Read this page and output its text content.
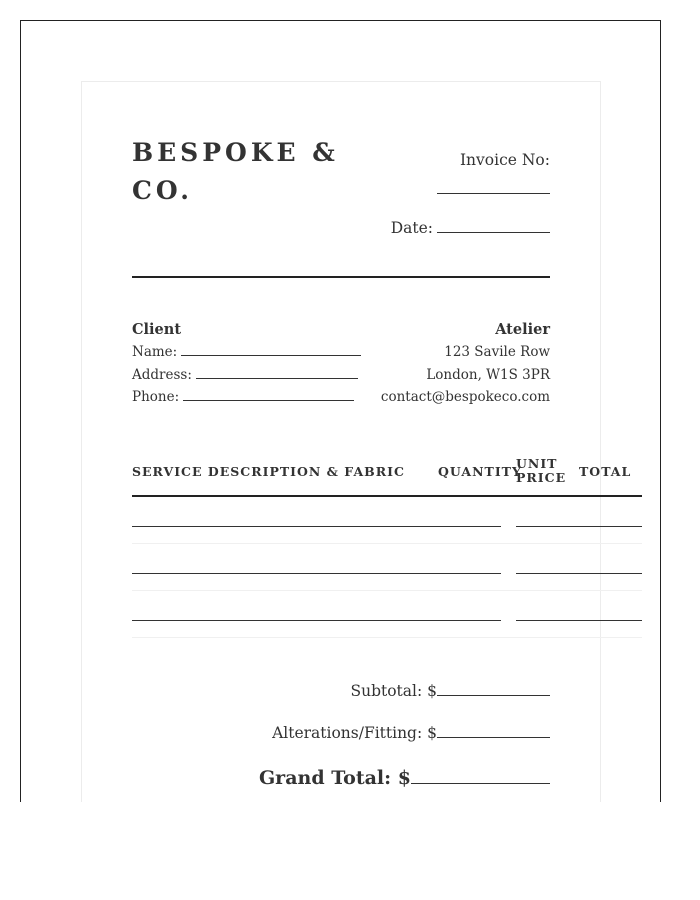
BESPOKE &
CO.
Invoice No:
Date:
Client	Atelier
Name:
Address:
Phone:
123 Savile Row
London, W1S 3PR
contact@bespokeco.com
SERVICE DESCRIPTION & FABRIC	QUANTITY
UNIT
PRICE TOTAL
Subtotal: $
Alterations/Fitting: $
Grand Total: $
